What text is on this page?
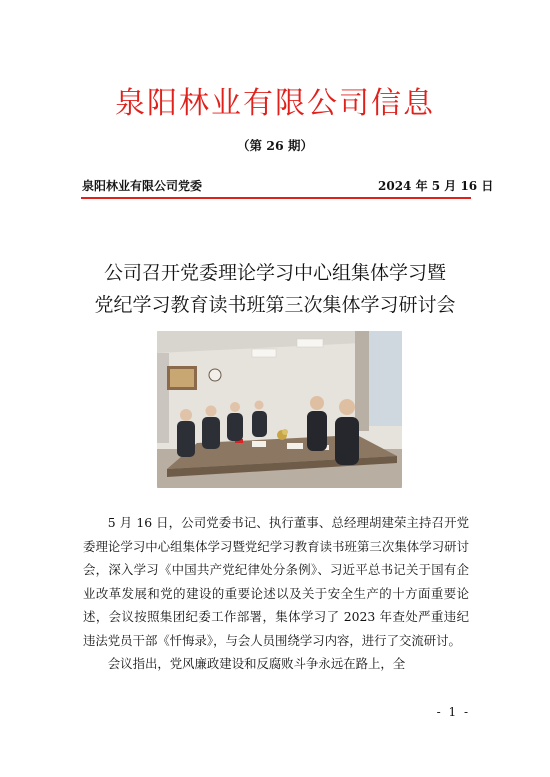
泉阳林业有限公司信息
（第 26 期）
泉阳林业有限公司党委	2024 年 5 月 16 日
公司召开党委理论学习中心组集体学习暨
党纪学习教育读书班第三次集体学习研讨会

5 月 16 日，公司党委书记、执行董事、总经理胡建荣主持召开党委理论学习中心组集体学习暨党纪学习教育读书班第三次集体学习研讨会，深入学习《中国共产党纪律处分条例》、习近平总书记关于国有企业改革发展和党的建设的重要论述以及关于安全生产的十方面重要论述，会议按照集团纪委工作部署，集体学习了 2023 年查处严重违纪违法党员干部《忏悔录》，与会人员围绕学习内容，进行了交流研讨。

会议指出，党风廉政建设和反腐败斗争永远在路上，全

- 1 -
